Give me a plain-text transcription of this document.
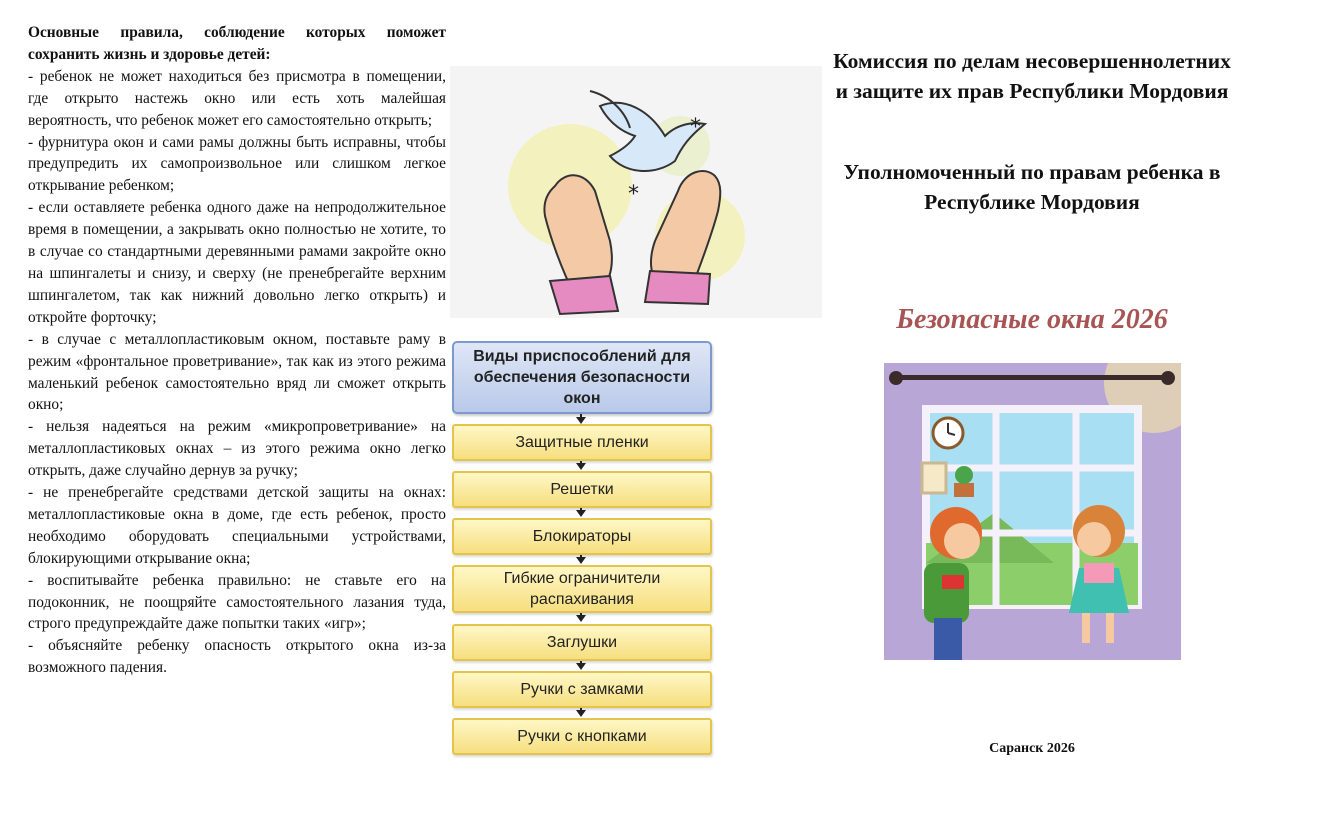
Основные правила, соблюдение которых поможет сохранить жизнь и здоровье детей:

- ребенок не может находиться без присмотра в помещении, где открыто настежь окно или есть хоть малейшая вероятность, что ребенок может его самостоятельно открыть;

- фурнитура окон и сами рамы должны быть исправны, чтобы предупредить их самопроизвольное или слишком легкое открывание ребенком;

- если оставляете ребенка одного даже на непродолжительное время в помещении, а закрывать окно полностью не хотите, то в случае со стандартными деревянными рамами закройте окно на шпингалеты и снизу, и сверху (не пренебрегайте верхним шпингалетом, так как нижний довольно легко открыть) и откройте форточку;

- в случае с металлопластиковым окном, поставьте раму в режим «фронтальное проветривание», так как из этого режима маленький ребенок самостоятельно вряд ли сможет открыть окно;

- нельзя надеяться на режим «микропроветривание» на металлопластиковых окнах – из этого режима окно легко открыть, даже случайно дернув за ручку;

- не пренебрегайте средствами детской защиты на окнах: металлопластиковые окна в доме, где есть ребенок, просто необходимо оборудовать специальными устройствами, блокирующими открывание окна;

- воспитывайте ребенка правильно: не ставьте его на подоконник, не поощряйте самостоятельного лазания туда, строго предупреждайте даже попытки таких «игр»;

- объясняйте ребенку опасность открытого окна из-за возможного падения.

*
*
Виды приспособлений для обеспечения безопасности окон
Защитные пленки
Решетки
Блокираторы
Гибкие ограничители распахивания
Заглушки
Ручки с замками
Ручки с кнопками

Комиссия по делам несовершеннолетних и защите их прав Республики Мордовия

Уполномоченный по правам ребенка в Республике Мордовия

Безопасные окна 2026

Саранск 2026
